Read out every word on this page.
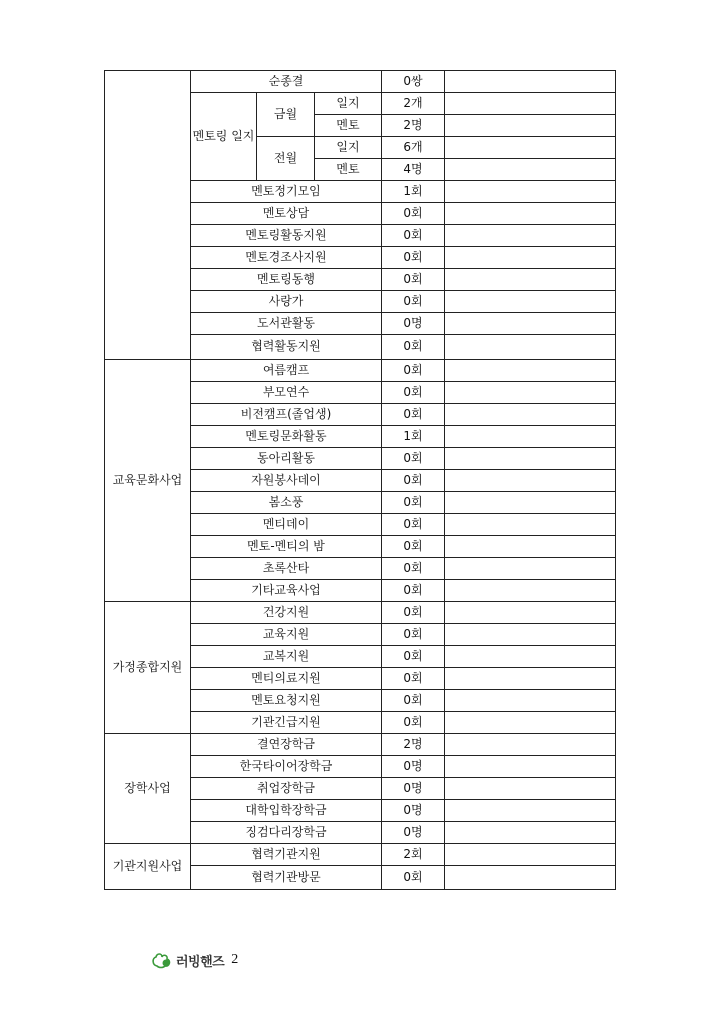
	순종결			0쌍	
	멘토링 일지	금월	일지	2개	
			멘토	2명	
		전월	일지	6개	
			멘토	4명	
	멘토정기모임			1회	
	멘토상담			0회	
	멘토링활동지원			0회	
	멘토경조사지원			0회	
	멘토링동행			0회	
	사랑가			0회	
	도서관활동			0명	
	협력활동지원			0회	
교육문화사업	여름캠프			0회	
	부모연수			0회	
	비전캠프(졸업생)			0회	
	멘토링문화활동			1회	
	동아리활동			0회	
	자원봉사데이			0회	
	봄소풍			0회	
	멘티데이			0회	
	멘토-멘티의 밤			0회	
	초록산타			0회	
	기타교육사업			0회	
가정종합지원	건강지원			0회	
	교육지원			0회	
	교복지원			0회	
	멘티의료지원			0회	
	멘토요청지원			0회	
	기관긴급지원			0회	
장학사업	결연장학금			2명	
	한국타이어장학금			0명	
	취업장학금			0명	
	대학입학장학금			0명	
	징검다리장학금			0명	
기관지원사업	협력기관지원			2회	
	협력기관방문			0회	
러빙핸즈 2
